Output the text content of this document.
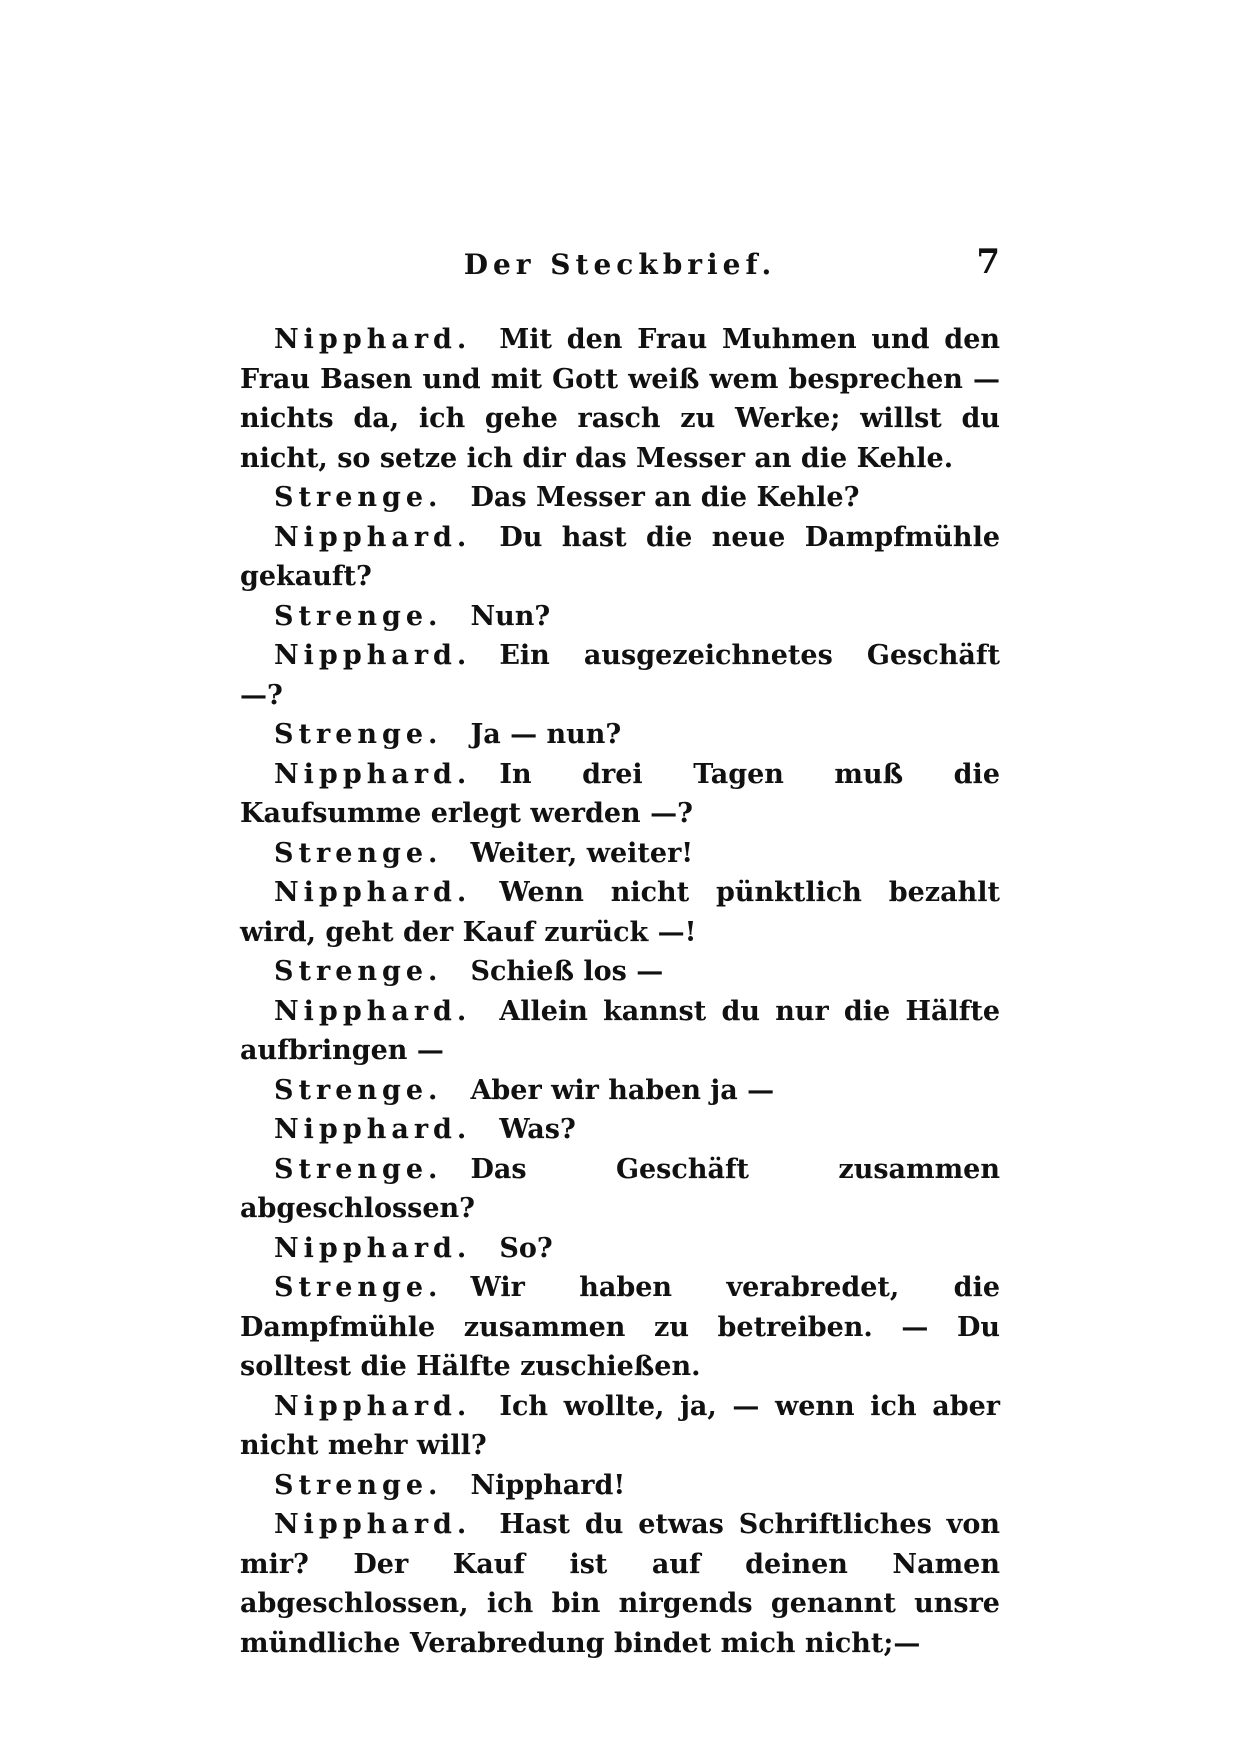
Der Steckbrief.	7

Nipphard. Mit den Frau Muhmen und den Frau Basen und mit Gott weiß wem besprechen — nichts da, ich gehe rasch zu Werke; willst du nicht, so setze ich dir das Messer an die Kehle.

Strenge. Das Messer an die Kehle?

Nipphard. Du hast die neue Dampfmühle gekauft?

Strenge. Nun?

Nipphard. Ein ausgezeichnetes Geschäft —?

Strenge. Ja — nun?

Nipphard. In drei Tagen muß die Kaufsumme erlegt werden —?

Strenge. Weiter, weiter!

Nipphard. Wenn nicht pünktlich bezahlt wird, geht der Kauf zurück —!

Strenge. Schieß los —

Nipphard. Allein kannst du nur die Hälfte aufbringen —

Strenge. Aber wir haben ja —

Nipphard. Was?

Strenge. Das Geschäft zusammen abgeschlossen?

Nipphard. So?

Strenge. Wir haben verabredet, die Dampfmühle zusammen zu betreiben. — Du solltest die Hälfte zuschießen.

Nipphard. Ich wollte, ja, — wenn ich aber nicht mehr will?

Strenge. Nipphard!

Nipphard. Hast du etwas Schriftliches von mir? Der Kauf ist auf deinen Namen abgeschlossen, ich bin nirgends genannt unsre mündliche Verabredung bindet mich nicht;—
